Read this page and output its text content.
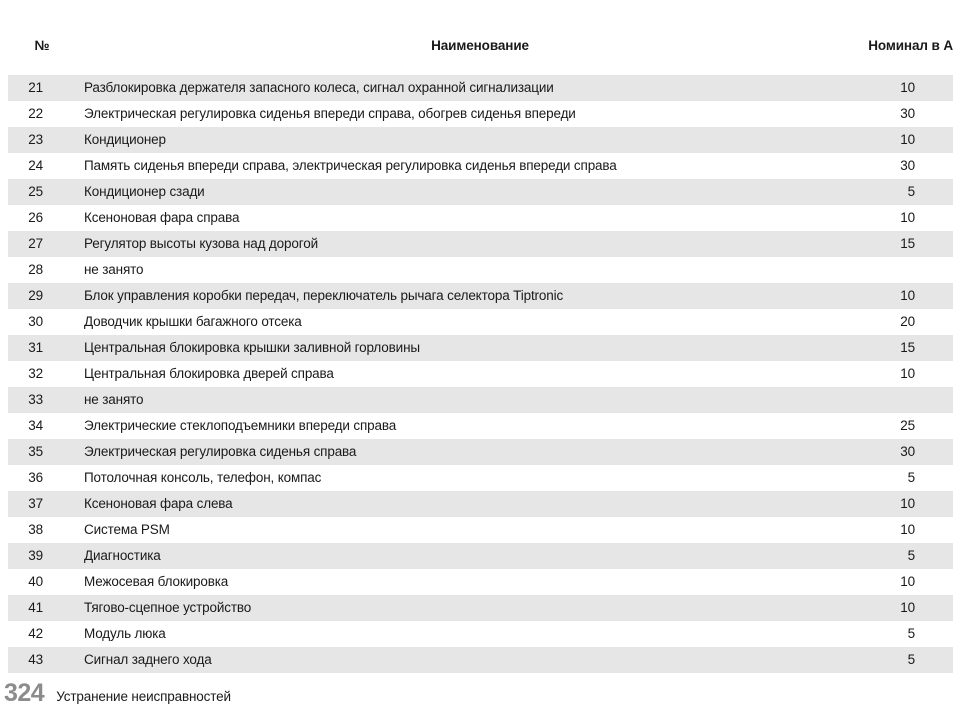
№	Наименование	Номинал в А
21	Разблокировка держателя запасного колеса, сигнал охранной сигнализации	10
22	Электрическая регулировка сиденья впереди справа, обогрев сиденья впереди	30
23	Кондиционер	10
24	Память сиденья впереди справа, электрическая регулировка сиденья впереди справа	30
25	Кондиционер сзади	5
26	Ксеноновая фара справа	10
27	Регулятор высоты кузова над дорогой	15
28	не занято
29	Блок управления коробки передач, переключатель рычага селектора Tiptronic	10
30	Доводчик крышки багажного отсека	20
31	Центральная блокировка крышки заливной горловины	15
32	Центральная блокировка дверей справа	10
33	не занято
34	Электрические стеклоподъемники впереди справа	25
35	Электрическая регулировка сиденья справа	30
36	Потолочная консоль, телефон, компас	5
37	Ксеноновая фара слева	10
38	Система PSM	10
39	Диагностика	5
40	Межосевая блокировка	10
41	Тягово-сцепное устройство	10
42	Модуль люка	5
43	Сигнал заднего хода	5
324 Устранение неисправностей
